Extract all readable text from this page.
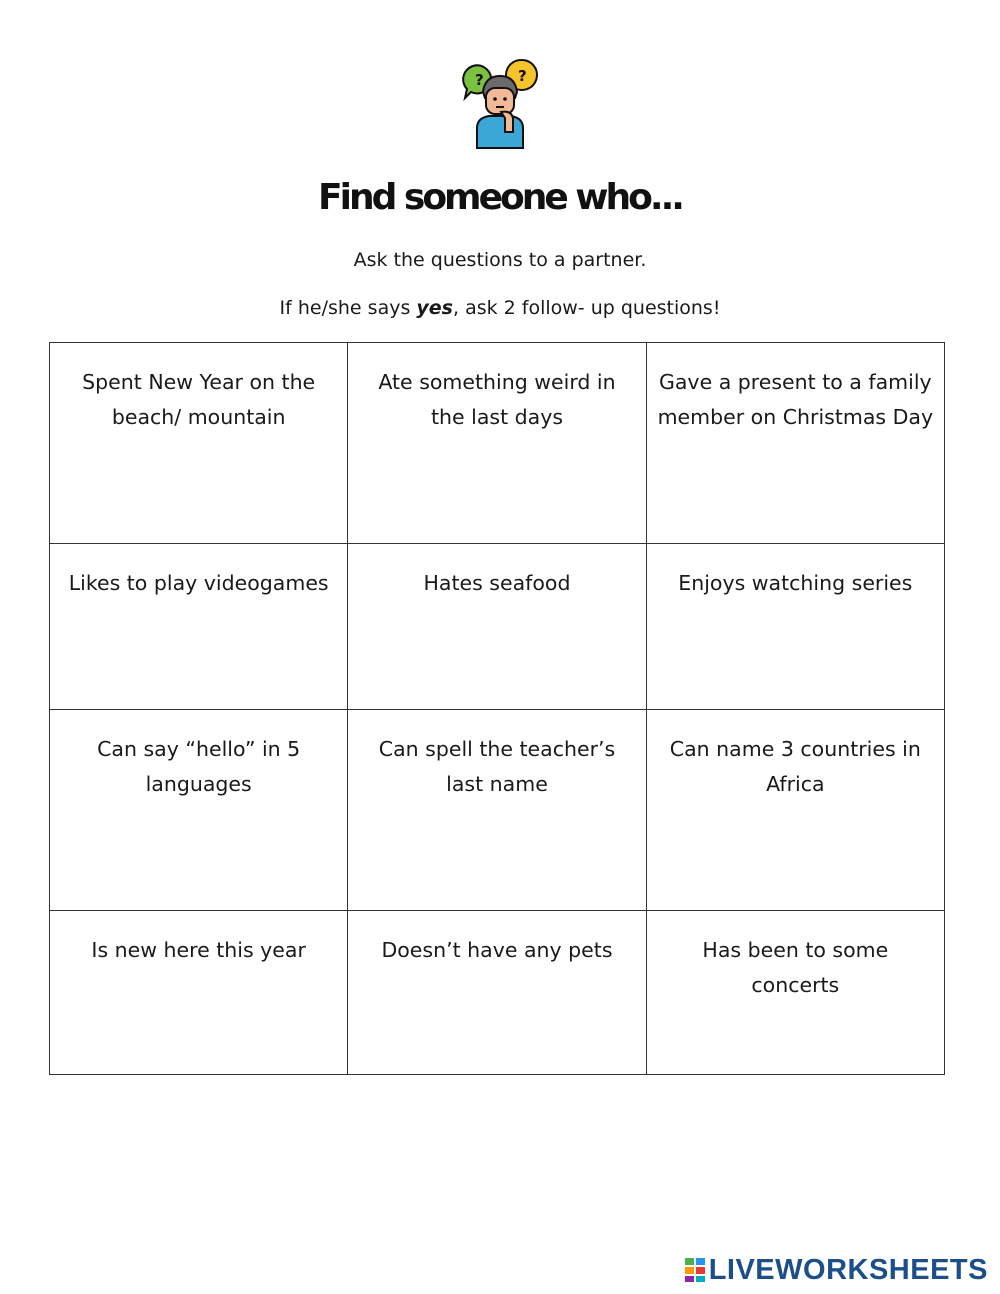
? ?
Find someone who...
Ask the questions to a partner.
If he/she says yes, ask 2 follow- up questions!
Spent New Year on the beach/ mountain	Ate something weird in the last days	Gave a present to a family member on Christmas Day
Likes to play videogames	Hates seafood	Enjoys watching series
Can say “hello” in 5 languages	Can spell the teacher’s last name	Can name 3 countries in Africa
Is new here this year	Doesn’t have any pets	Has been to some concerts
LIVEWORKSHEETS
